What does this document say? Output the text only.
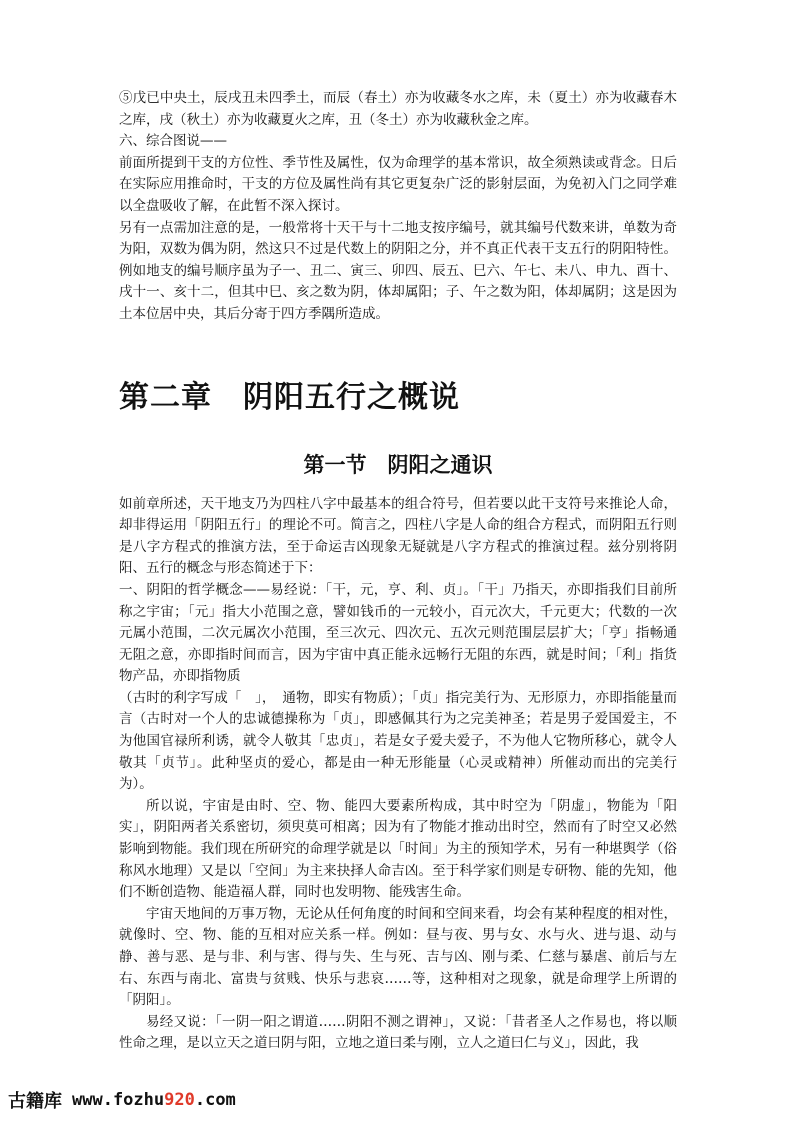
⑤戊已中央土，辰戌丑未四季土，而辰（春土）亦为收藏冬水之库，未（夏土）亦为收藏春木之库，戌（秋土）亦为收藏夏火之库，丑（冬土）亦为收藏秋金之库。

六、综合图说——

前面所提到干支的方位性、季节性及属性，仅为命理学的基本常识，故全须熟读或背念。日后在实际应用推命时，干支的方位及属性尚有其它更复杂广泛的影射层面，为免初入门之同学难以全盘吸收了解，在此暂不深入探讨。

另有一点需加注意的是，一般常将十天干与十二地支按序编号，就其编号代数来讲，单数为奇为阳，双数为偶为阴，然这只不过是代数上的阴阳之分，并不真正代表干支五行的阴阳特性。例如地支的编号顺序虽为子一、丑二、寅三、卯四、辰五、巳六、午七、未八、申九、酉十、戌十一、亥十二，但其中巳、亥之数为阴，体却属阳；子、午之数为阳，体却属阴；这是因为土本位居中央，其后分寄于四方季隅所造成。

第二章　阴阳五行之概说
第一节　阴阳之通识

如前章所述，天干地支乃为四柱八字中最基本的组合符号，但若要以此干支符号来推论人命，却非得运用「阴阳五行」的理论不可。简言之，四柱八字是人命的组合方程式，而阴阳五行则是八字方程式的推演方法，至于命运吉凶现象无疑就是八字方程式的推演过程。兹分别将阴阳、五行的概念与形态简述于下：

一、阴阳的哲学概念——易经说：「干，元，亨、利、贞」。「干」乃指天，亦即指我们目前所称之宇宙；「元」指大小范围之意，譬如钱币的一元较小，百元次大，千元更大；代数的一次元属小范围，二次元属次小范围，至三次元、四次元、五次元则范围层层扩大；「亨」指畅通无阻之意，亦即指时间而言，因为宇宙中真正能永远畅行无阻的东西，就是时间；「利」指货物产品，亦即指物质

（古时的利字写成「　」，　通物，即实有物质）；「贞」指完美行为、无形原力，亦即指能量而言（古时对一个人的忠诚德操称为「贞」，即感佩其行为之完美神圣；若是男子爱国爱主，不为他国官禄所利诱，就令人敬其「忠贞」，若是女子爱夫爱子，不为他人它物所移心，就令人敬其「贞节」。此种坚贞的爱心，都是由一种无形能量（心灵或精神）所催动而出的完美行为）。

所以说，宇宙是由时、空、物、能四大要素所构成，其中时空为「阴虚」，物能为「阳实」，阴阳两者关系密切，须臾莫可相离；因为有了物能才推动出时空，然而有了时空又必然影响到物能。我们现在所研究的命理学就是以「时间」为主的预知学术，另有一种堪舆学（俗称风水地理）又是以「空间」为主来抉择人命吉凶。至于科学家们则是专研物、能的先知，他们不断创造物、能造福人群，同时也发明物、能残害生命。

宇宙天地间的万事万物，无论从任何角度的时间和空间来看，均会有某种程度的相对性，就像时、空、物、能的互相对应关系一样。例如：昼与夜、男与女、水与火、进与退、动与静、善与恶、是与非、利与害、得与失、生与死、吉与凶、刚与柔、仁慈与暴虐、前后与左右、东西与南北、富贵与贫贱、快乐与悲哀……等，这种相对之现象，就是命理学上所谓的「阴阳」。

易经又说：「一阴一阳之谓道……阴阳不测之谓神」，又说：「昔者圣人之作易也，将以顺性命之理，是以立天之道曰阴与阳，立地之道曰柔与刚，立人之道曰仁与义」，因此，我

古籍库 www.fozhu920.com
